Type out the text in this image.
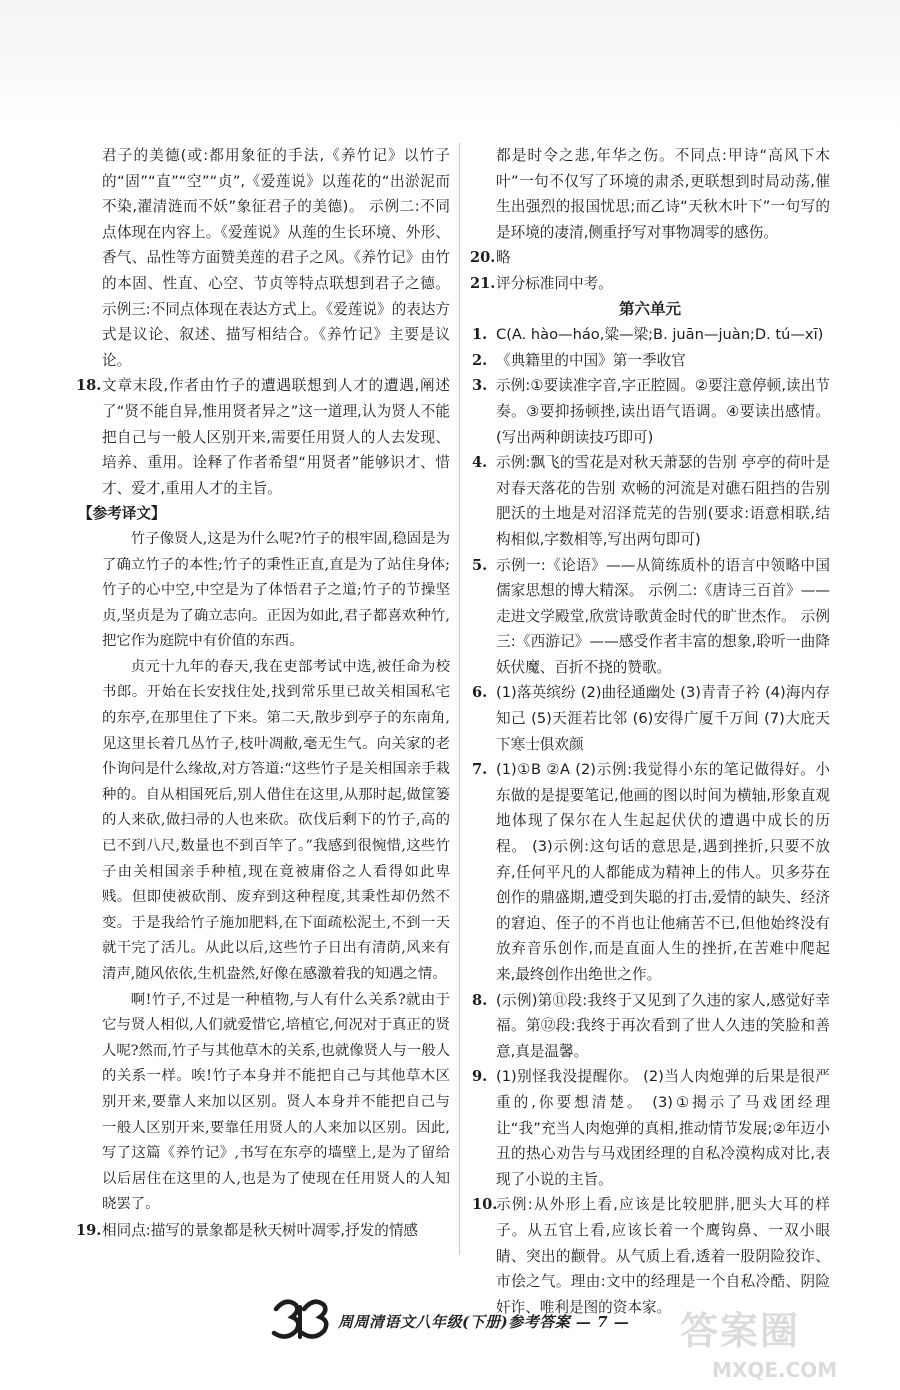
君子的美德(或:都用象征的手法,《养竹记》以竹子的“固”“直”“空”“贞”,《爱莲说》以莲花的“出淤泥而不染,濯清涟而不妖”象征君子的美德)。 示例二:不同点体现在内容上。《爱莲说》从莲的生长环境、外形、香气、品性等方面赞美莲的君子之风。《养竹记》由竹的本固、性直、心空、节贞等特点联想到君子之德。 示例三:不同点体现在表达方式上。《爱莲说》的表达方式是议论、叙述、描写相结合。《养竹记》主要是议论。
18. 文章末段,作者由竹子的遭遇联想到人才的遭遇,阐述了“贤不能自异,惟用贤者异之”这一道理,认为贤人不能把自己与一般人区别开来,需要任用贤人的人去发现、培养、重用。诠释了作者希望“用贤者”能够识才、惜才、爱才,重用人才的主旨。
【参考译文】

竹子像贤人,这是为什么呢?竹子的根牢固,稳固是为了确立竹子的本性;竹子的秉性正直,直是为了站住身体;竹子的心中空,中空是为了体悟君子之道;竹子的节操坚贞,坚贞是为了确立志向。正因为如此,君子都喜欢种竹,把它作为庭院中有价值的东西。

贞元十九年的春天,我在吏部考试中选,被任命为校书郎。开始在长安找住处,找到常乐里已故关相国私宅的东亭,在那里住了下来。第二天,散步到亭子的东南角,见这里长着几丛竹子,枝叶凋敝,毫无生气。向关家的老仆询问是什么缘故,对方答道:“这些竹子是关相国亲手栽种的。自从相国死后,别人借住在这里,从那时起,做筐篓的人来砍,做扫帚的人也来砍。砍伐后剩下的竹子,高的已不到八尺,数量也不到百竿了。”我感到很惋惜,这些竹子由关相国亲手种植,现在竟被庸俗之人看得如此卑贱。但即使被砍削、废弃到这种程度,其秉性却仍然不变。于是我给竹子施加肥料,在下面疏松泥土,不到一天就干完了活儿。从此以后,这些竹子日出有清荫,风来有清声,随风依依,生机盎然,好像在感激着我的知遇之情。

啊!竹子,不过是一种植物,与人有什么关系?就由于它与贤人相似,人们就爱惜它,培植它,何况对于真正的贤人呢?然而,竹子与其他草木的关系,也就像贤人与一般人的关系一样。唉!竹子本身并不能把自己与其他草木区别开来,要靠人来加以区别。贤人本身并不能把自己与一般人区别开来,要靠任用贤人的人来加以区别。因此,写了这篇《养竹记》,书写在东亭的墙壁上,是为了留给以后居住在这里的人,也是为了使现在任用贤人的人知晓罢了。

19. 相同点:描写的景象都是秋天树叶凋零,抒发的情感
都是时令之悲,年华之伤。不同点:甲诗“高风下木叶”一句不仅写了环境的肃杀,更联想到时局动荡,催生出强烈的报国忧思;而乙诗“天秋木叶下”一句写的是环境的凄清,侧重抒写对事物凋零的感伤。
20. 略
21. 评分标准同中考。
第六单元
1. C(A. hào—háo,粱—梁;B. juān—juàn;D. tú—xī)
2. 《典籍里的中国》第一季收官
3. 示例:①要读准字音,字正腔圆。②要注意停顿,读出节奏。③要抑扬顿挫,读出语气语调。④要读出感情。(写出两种朗读技巧即可)
4. 示例:飘飞的雪花是对秋天萧瑟的告别 亭亭的荷叶是对春天落花的告别 欢畅的河流是对礁石阻挡的告别 肥沃的土地是对沼泽荒芜的告别(要求:语意相联,结构相似,字数相等,写出两句即可)
5. 示例一:《论语》——从简练质朴的语言中领略中国儒家思想的博大精深。 示例二:《唐诗三百首》——走进文学殿堂,欣赏诗歌黄金时代的旷世杰作。 示例三:《西游记》——感受作者丰富的想象,聆听一曲降妖伏魔、百折不挠的赞歌。
6. (1)落英缤纷 (2)曲径通幽处 (3)青青子衿 (4)海内存知己 (5)天涯若比邻 (6)安得广厦千万间 (7)大庇天下寒士俱欢颜
7. (1)①B ②A (2)示例:我觉得小东的笔记做得好。小东做的是提要笔记,他画的图以时间为横轴,形象直观地体现了保尔在人生起起伏伏的遭遇中成长的历程。 (3)示例:这句话的意思是,遇到挫折,只要不放弃,任何平凡的人都能成为精神上的伟人。贝多芬在创作的鼎盛期,遭受到失聪的打击,爱情的缺失、经济的窘迫、侄子的不肖也让他痛苦不已,但他始终没有放弃音乐创作,而是直面人生的挫折,在苦难中爬起来,最终创作出绝世之作。
8. (示例)第⑪段:我终于又见到了久违的家人,感觉好幸福。第⑫段:我终于再次看到了世人久违的笑脸和善意,真是温馨。
9. (1)别怪我没提醒你。 (2)当人肉炮弹的后果是很严重的,你要想清楚。 (3)①揭示了马戏团经理让“我”充当人肉炮弹的真相,推动情节发展;②年迈小丑的热心劝告与马戏团经理的自私冷漠构成对比,表现了小说的主旨。
10.
示例:从外形上看,应该是比较肥胖,肥头大耳的样子。从五官上看,应该长着一个鹰钩鼻、一双小眼睛、突出的颧骨。从气质上看,透着一股阴险狡诈、市侩之气。理由:文中的经理是一个自私冷酷、阴险奸诈、唯利是图的资本家。
周周清语文八年级(下册)参考答案 — 7 — 答案圈
MXQE.COM
